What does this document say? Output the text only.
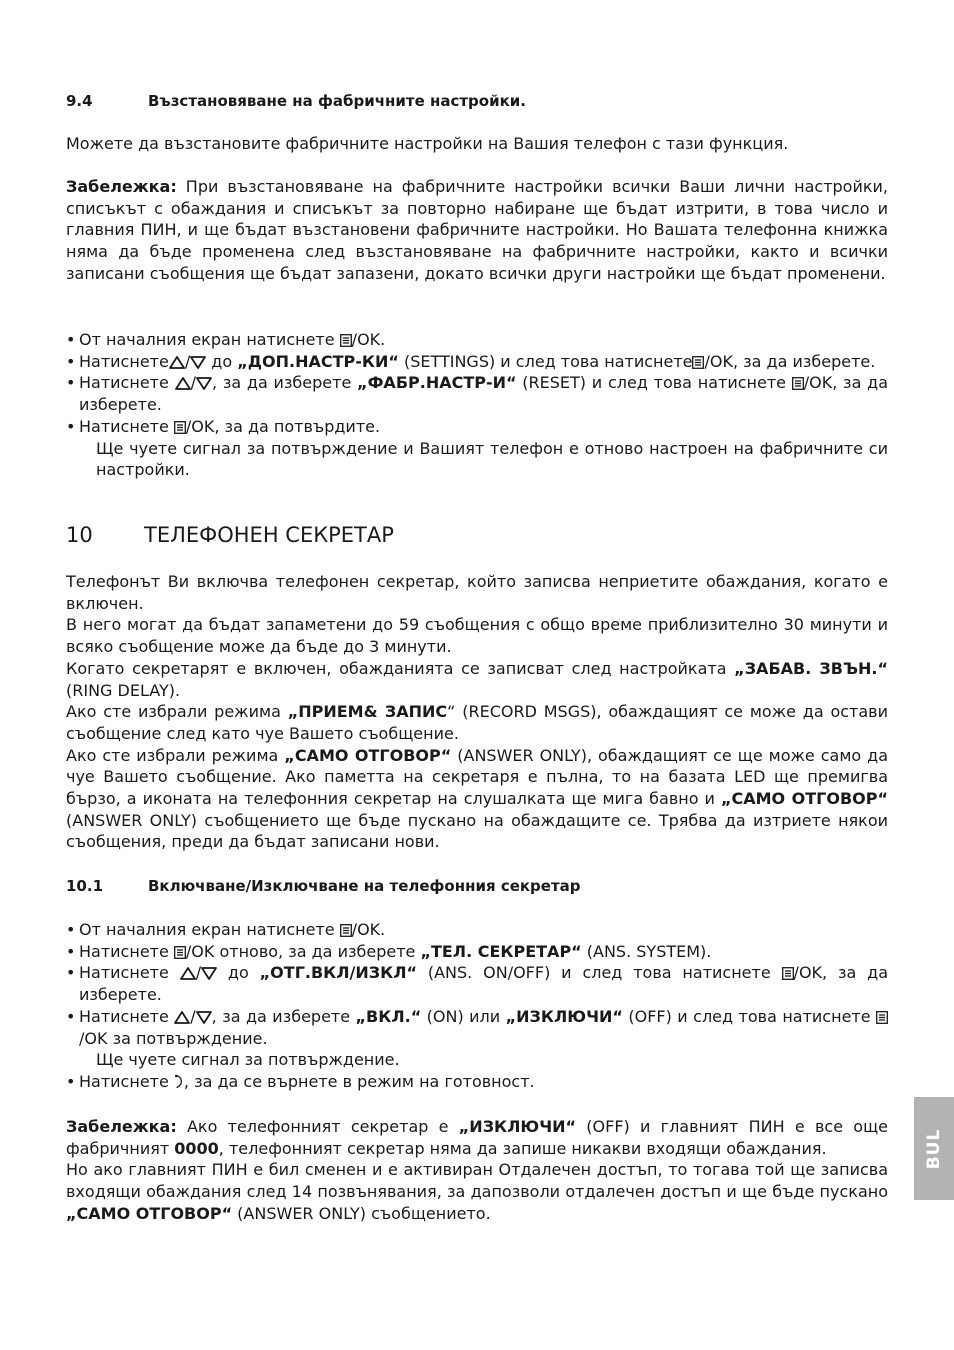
9.4	Възстановяване на фабричните настройки.

Можете да възстановите фабричните настройки на Вашия телефон с тази функция.

Забележка: При възстановяване на фабричните настройки всички Ваши лични настройки, списъкът с обаждания и списъкът за повторно набиране ще бъдат изтрити, в това число и главния ПИН, и ще бъдат възстановени фабричните настройки. Но Вашата телефонна книжка няма да бъде променена след възстановяване на фабричните настройки, както и всички записани съобщения ще бъдат запазени, докато всички други настройки ще бъдат променени.

• От началния екран натиснете /OK.

• Натиснете / до „ДОП.НАСТР-КИ“ (SETTINGS) и след това натиснете /OK, за да изберете.

• Натиснете / , за да изберете „ФАБР.НАСТР-И“ (RESET) и след това натиснете /OK, за да изберете.

• Натиснете /OK, за да потвърдите.

Ще чуете сигнал за потвърждение и Вашият телефон е отново настроен на фабричните си настройки.

10 ТЕЛЕФОНЕН СЕКРЕТАР

Телефонът Ви включва телефонен секретар, който записва неприетите обаждания, когато е включен.

В него могат да бъдат запаметени до 59 съобщения с общо време приблизително 30 минути и всяко съобщение може да бъде до 3 минути.

Когато секретарят е включен, обажданията се записват след настройката „ЗАБАВ. ЗВЪН.“ (RING DELAY).

Ако сте избрали режима „ПРИЕМ& ЗАПИС“ (RECORD MSGS), обаждащият се може да остави съобщение след като чуе Вашето съобщение.

Ако сте избрали режима „САМО ОТГОВОР“ (ANSWER ONLY), обаждащият се ще може само да чуе Вашето съобщение. Ако паметта на секретаря е пълна, то на базата LED ще премигва бързо, а иконата на телефонния секретар на слушалката ще мига бавно и „САМО ОТГОВОР“ (ANSWER ONLY) съобщението ще бъде пускано на обаждащите се. Трябва да изтриете някои съобщения, преди да бъдат записани нови.

10.1	Включване/Изключване на телефонния секретар

• От началния екран натиснете /OK.

• Натиснете /OK отново, за да изберете „ТЕЛ. СЕКРЕТАР“ (ANS. SYSTEM).

• Натиснете / до „ОТГ.ВКЛ/ИЗКЛ“ (ANS. ON/OFF) и след това натиснете /OK, за да изберете.

• Натиснете / , за да изберете „ВКЛ.“ (ON) или „ИЗКЛЮЧИ“ (OFF) и след това натиснете /OK за потвърждение.

Ще чуете сигнал за потвърждение.

• Натиснете , за да се върнете в режим на готовност.

Забележка: Ако телефонният секретар е „ИЗКЛЮЧИ“ (OFF) и главният ПИН е все още фабричният 0000, телефонният секретар няма да запише никакви входящи обаждания.

Но ако главният ПИН е бил сменен и е активиран Отдалечен достъп, то тогава той ще записва входящи обаждания след 14 позвънявания, за дапозволи отдалечен достъп и ще бъде пускано „САМО ОТГОВОР“ (ANSWER ONLY) съобщението.

BUL
